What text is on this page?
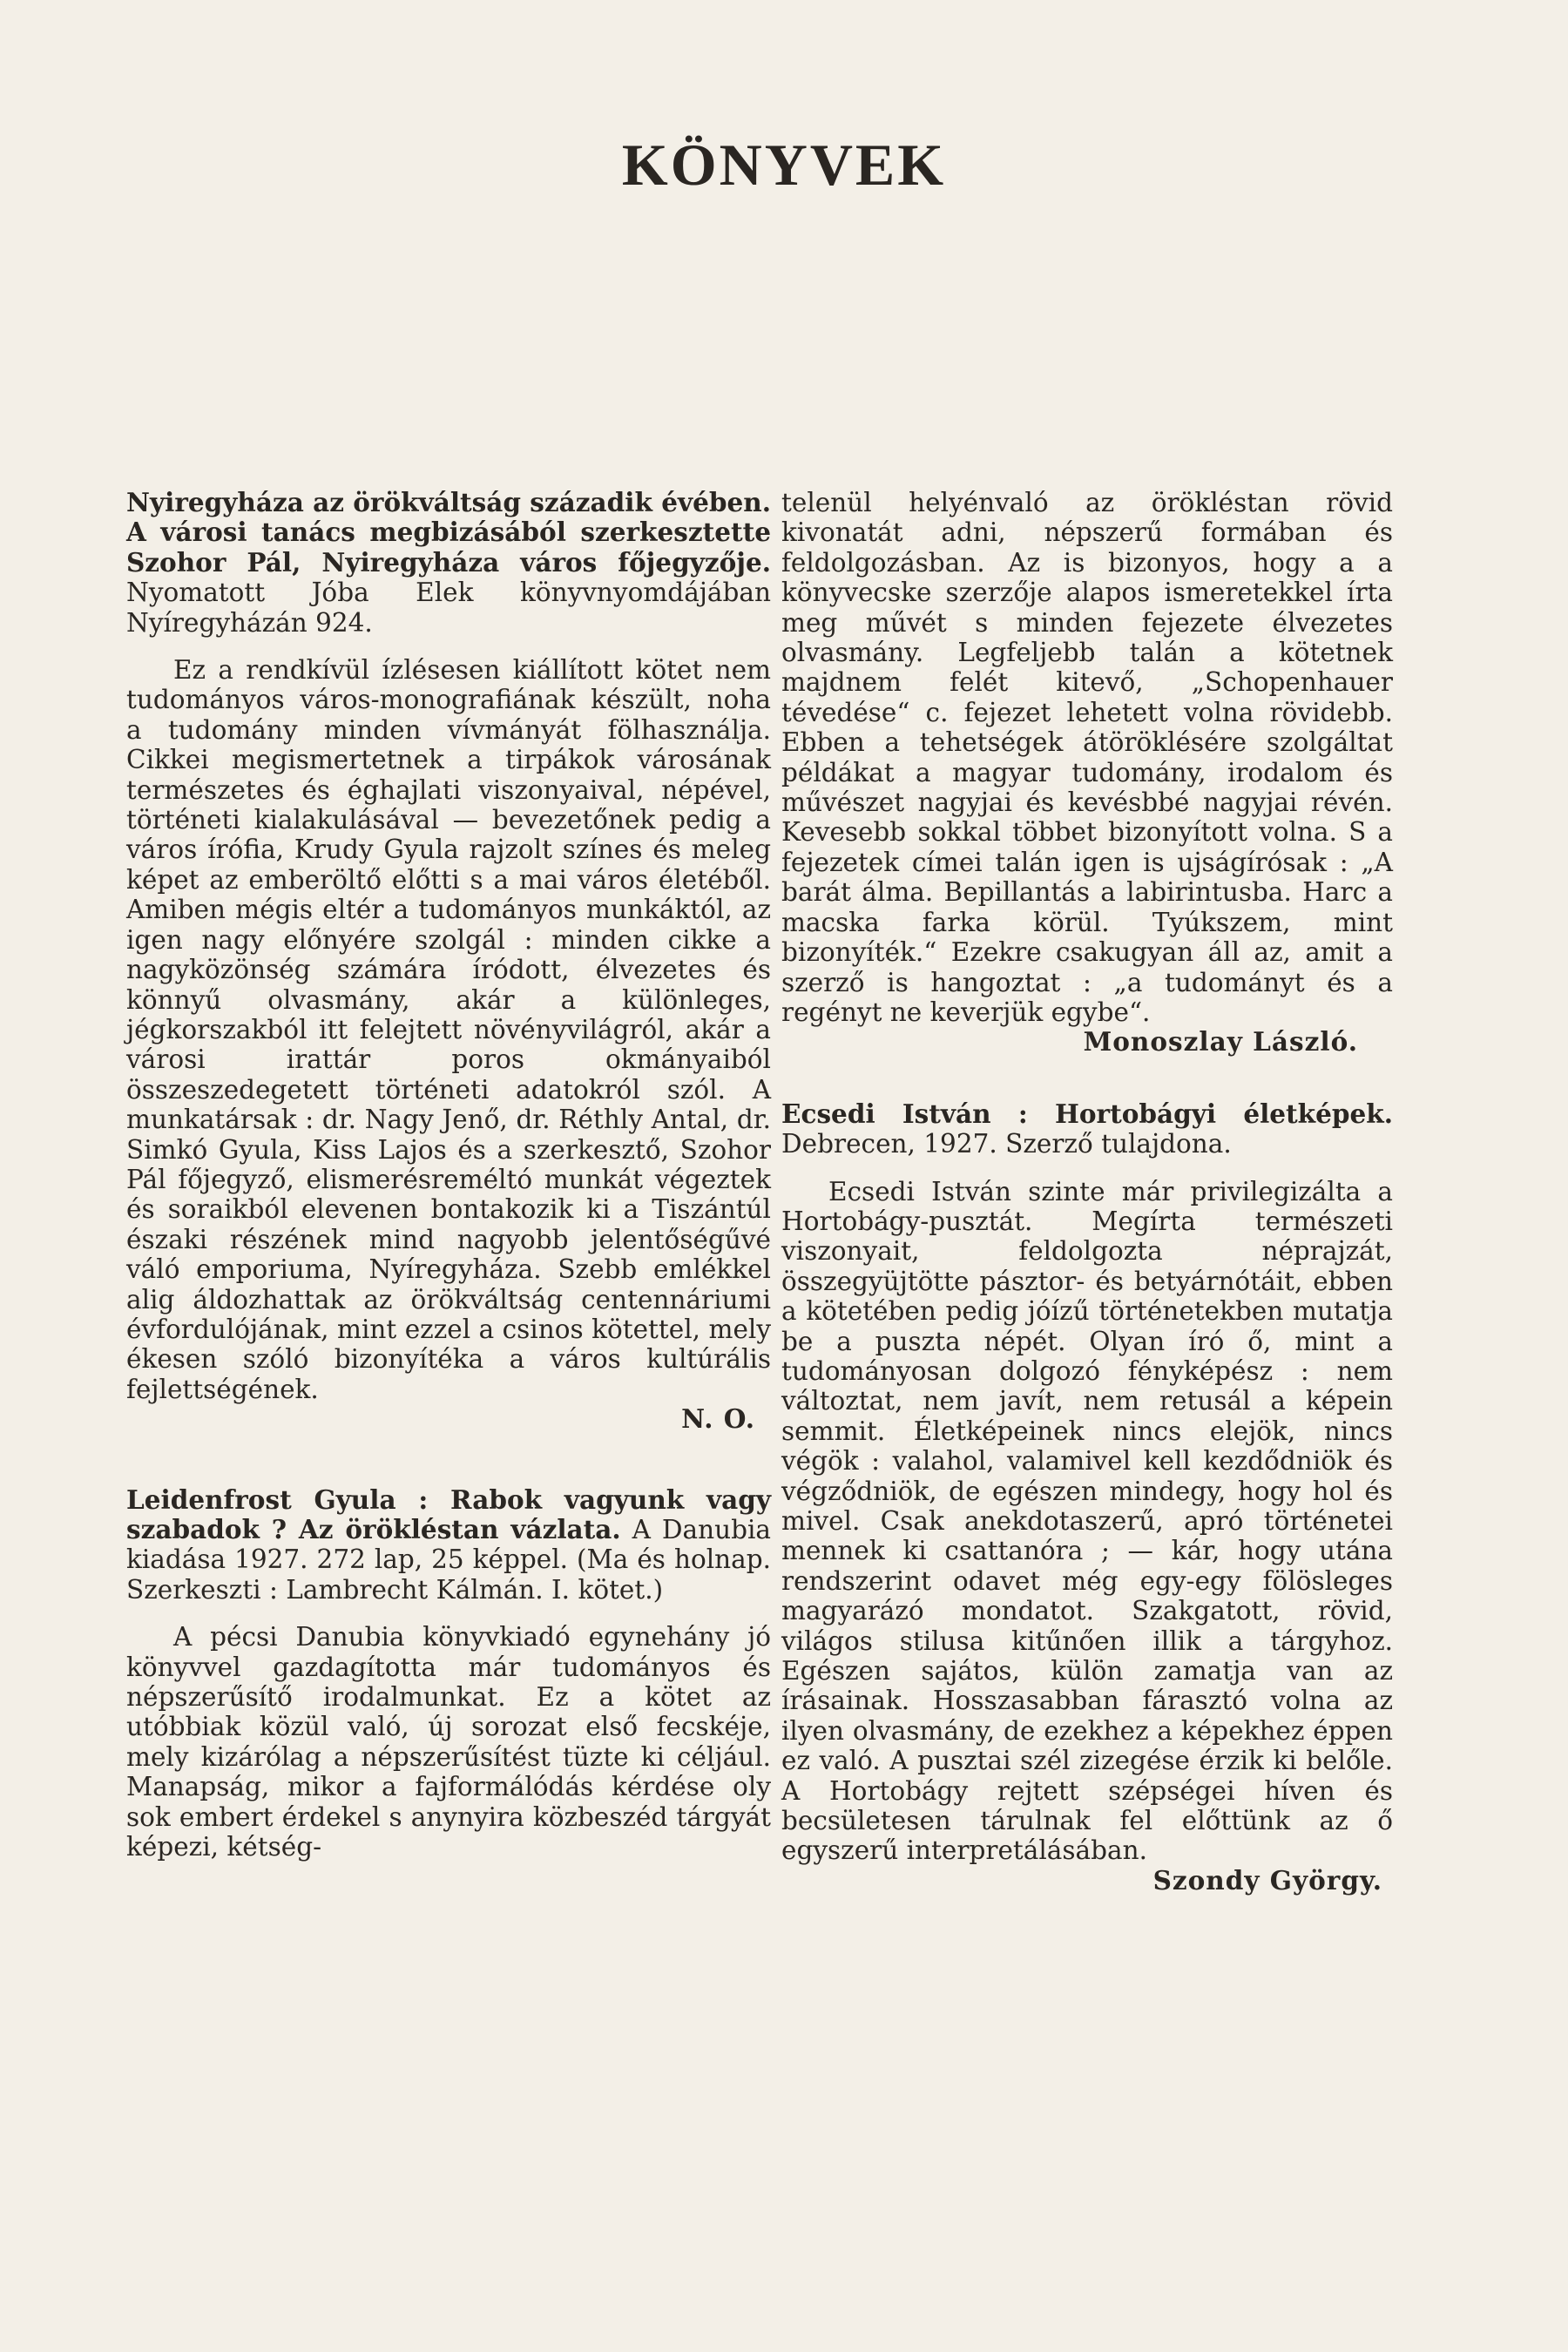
KÖNYVEK

Nyiregyháza az örökváltság századik évében. A városi tanács megbizásából szerkesztette Szohor Pál, Nyiregyháza város főjegyzője. Nyomatott Jóba Elek könyvnyomdájában Nyíregyházán 924.

Ez a rendkívül ízlésesen kiállított kötet nem tudományos város-monografiának készült, noha a tudomány minden vívmányát fölhasználja. Cikkei megismertetnek a tirpákok városának természetes és éghajlati viszonyaival, népével, történeti kialakulásával — bevezetőnek pedig a város írófia, Krudy Gyula rajzolt színes és meleg képet az emberöltő előtti s a mai város életéből. Amiben mégis eltér a tudományos munkáktól, az igen nagy előnyére szolgál : minden cikke a nagyközönség számára íródott, élvezetes és könnyű olvasmány, akár a különleges, jégkorszakból itt felejtett növényvilágról, akár a városi irattár poros okmányaiból összeszedegetett történeti adatokról szól. A munkatársak : dr. Nagy Jenő, dr. Réthly Antal, dr. Simkó Gyula, Kiss Lajos és a szerkesztő, Szohor Pál főjegyző, elismerésreméltó munkát végeztek és soraikból elevenen bontakozik ki a Tiszántúl északi részének mind nagyobb jelentőségűvé váló emporiuma, Nyíregyháza. Szebb emlékkel alig áldozhattak az örökváltság centennáriumi évfordulójának, mint ezzel a csinos kötettel, mely ékesen szóló bizonyítéka a város kultúrális fejlettségének.

N. O.

Leidenfrost Gyula : Rabok vagyunk vagy szabadok ? Az örökléstan vázlata. A Danubia kiadása 1927. 272 lap, 25 képpel. (Ma és holnap. Szerkeszti : Lambrecht Kálmán. I. kötet.)

A pécsi Danubia könyvkiadó egynehány jó könyvvel gazdagította már tudományos és népszerűsítő irodalmunkat. Ez a kötet az utóbbiak közül való, új sorozat első fecskéje, mely kizárólag a népszerűsítést tüzte ki céljául. Manapság, mikor a fajformálódás kérdése oly sok embert érdekel s anynyira közbeszéd tárgyát képezi, kétség-

telenül helyénvaló az örökléstan rövid kivonatát adni, népszerű formában és feldolgozásban. Az is bizonyos, hogy a a könyvecske szerzője alapos ismeretekkel írta meg művét s minden fejezete élvezetes olvasmány. Legfeljebb talán a kötetnek majdnem felét kitevő, „Schopenhauer tévedése“ c. fejezet lehetett volna rövidebb. Ebben a tehetségek átöröklésére szolgáltat példákat a magyar tudomány, irodalom és művészet nagyjai és kevésbbé nagyjai révén. Kevesebb sokkal többet bizonyított volna. S a fejezetek címei talán igen is ujságírósak : „A barát álma. Bepillantás a labirintusba. Harc a macska farka körül. Tyúkszem, mint bizonyíték.“ Ezekre csakugyan áll az, amit a szerző is hangoztat : „a tudományt és a regényt ne keverjük egybe“.

Monoszlay László.

Ecsedi István : Hortobágyi életképek. Debrecen, 1927. Szerző tulajdona.

Ecsedi István szinte már privilegizálta a Hortobágy-pusztát. Megírta természeti viszonyait, feldolgozta néprajzát, összegyüjtötte pásztor- és betyárnótáit, ebben a kötetében pedig jóízű történetekben mutatja be a puszta népét. Olyan író ő, mint a tudományosan dolgozó fényképész : nem változtat, nem javít, nem retusál a képein semmit. Életképeinek nincs elejök, nincs végök : valahol, valamivel kell kezdődniök és végződniök, de egészen mindegy, hogy hol és mivel. Csak anekdotaszerű, apró történetei mennek ki csattanóra ; — kár, hogy utána rendszerint odavet még egy-egy fölösleges magyarázó mondatot. Szakgatott, rövid, világos stilusa kitűnően illik a tárgyhoz. Egészen sajátos, külön zamatja van az írásainak. Hosszasabban fárasztó volna az ilyen olvasmány, de ezekhez a képekhez éppen ez való. A pusztai szél zizegése érzik ki belőle. A Hortobágy rejtett szépségei híven és becsületesen tárulnak fel előttünk az ő egyszerű interpretálásában.

Szondy György.
